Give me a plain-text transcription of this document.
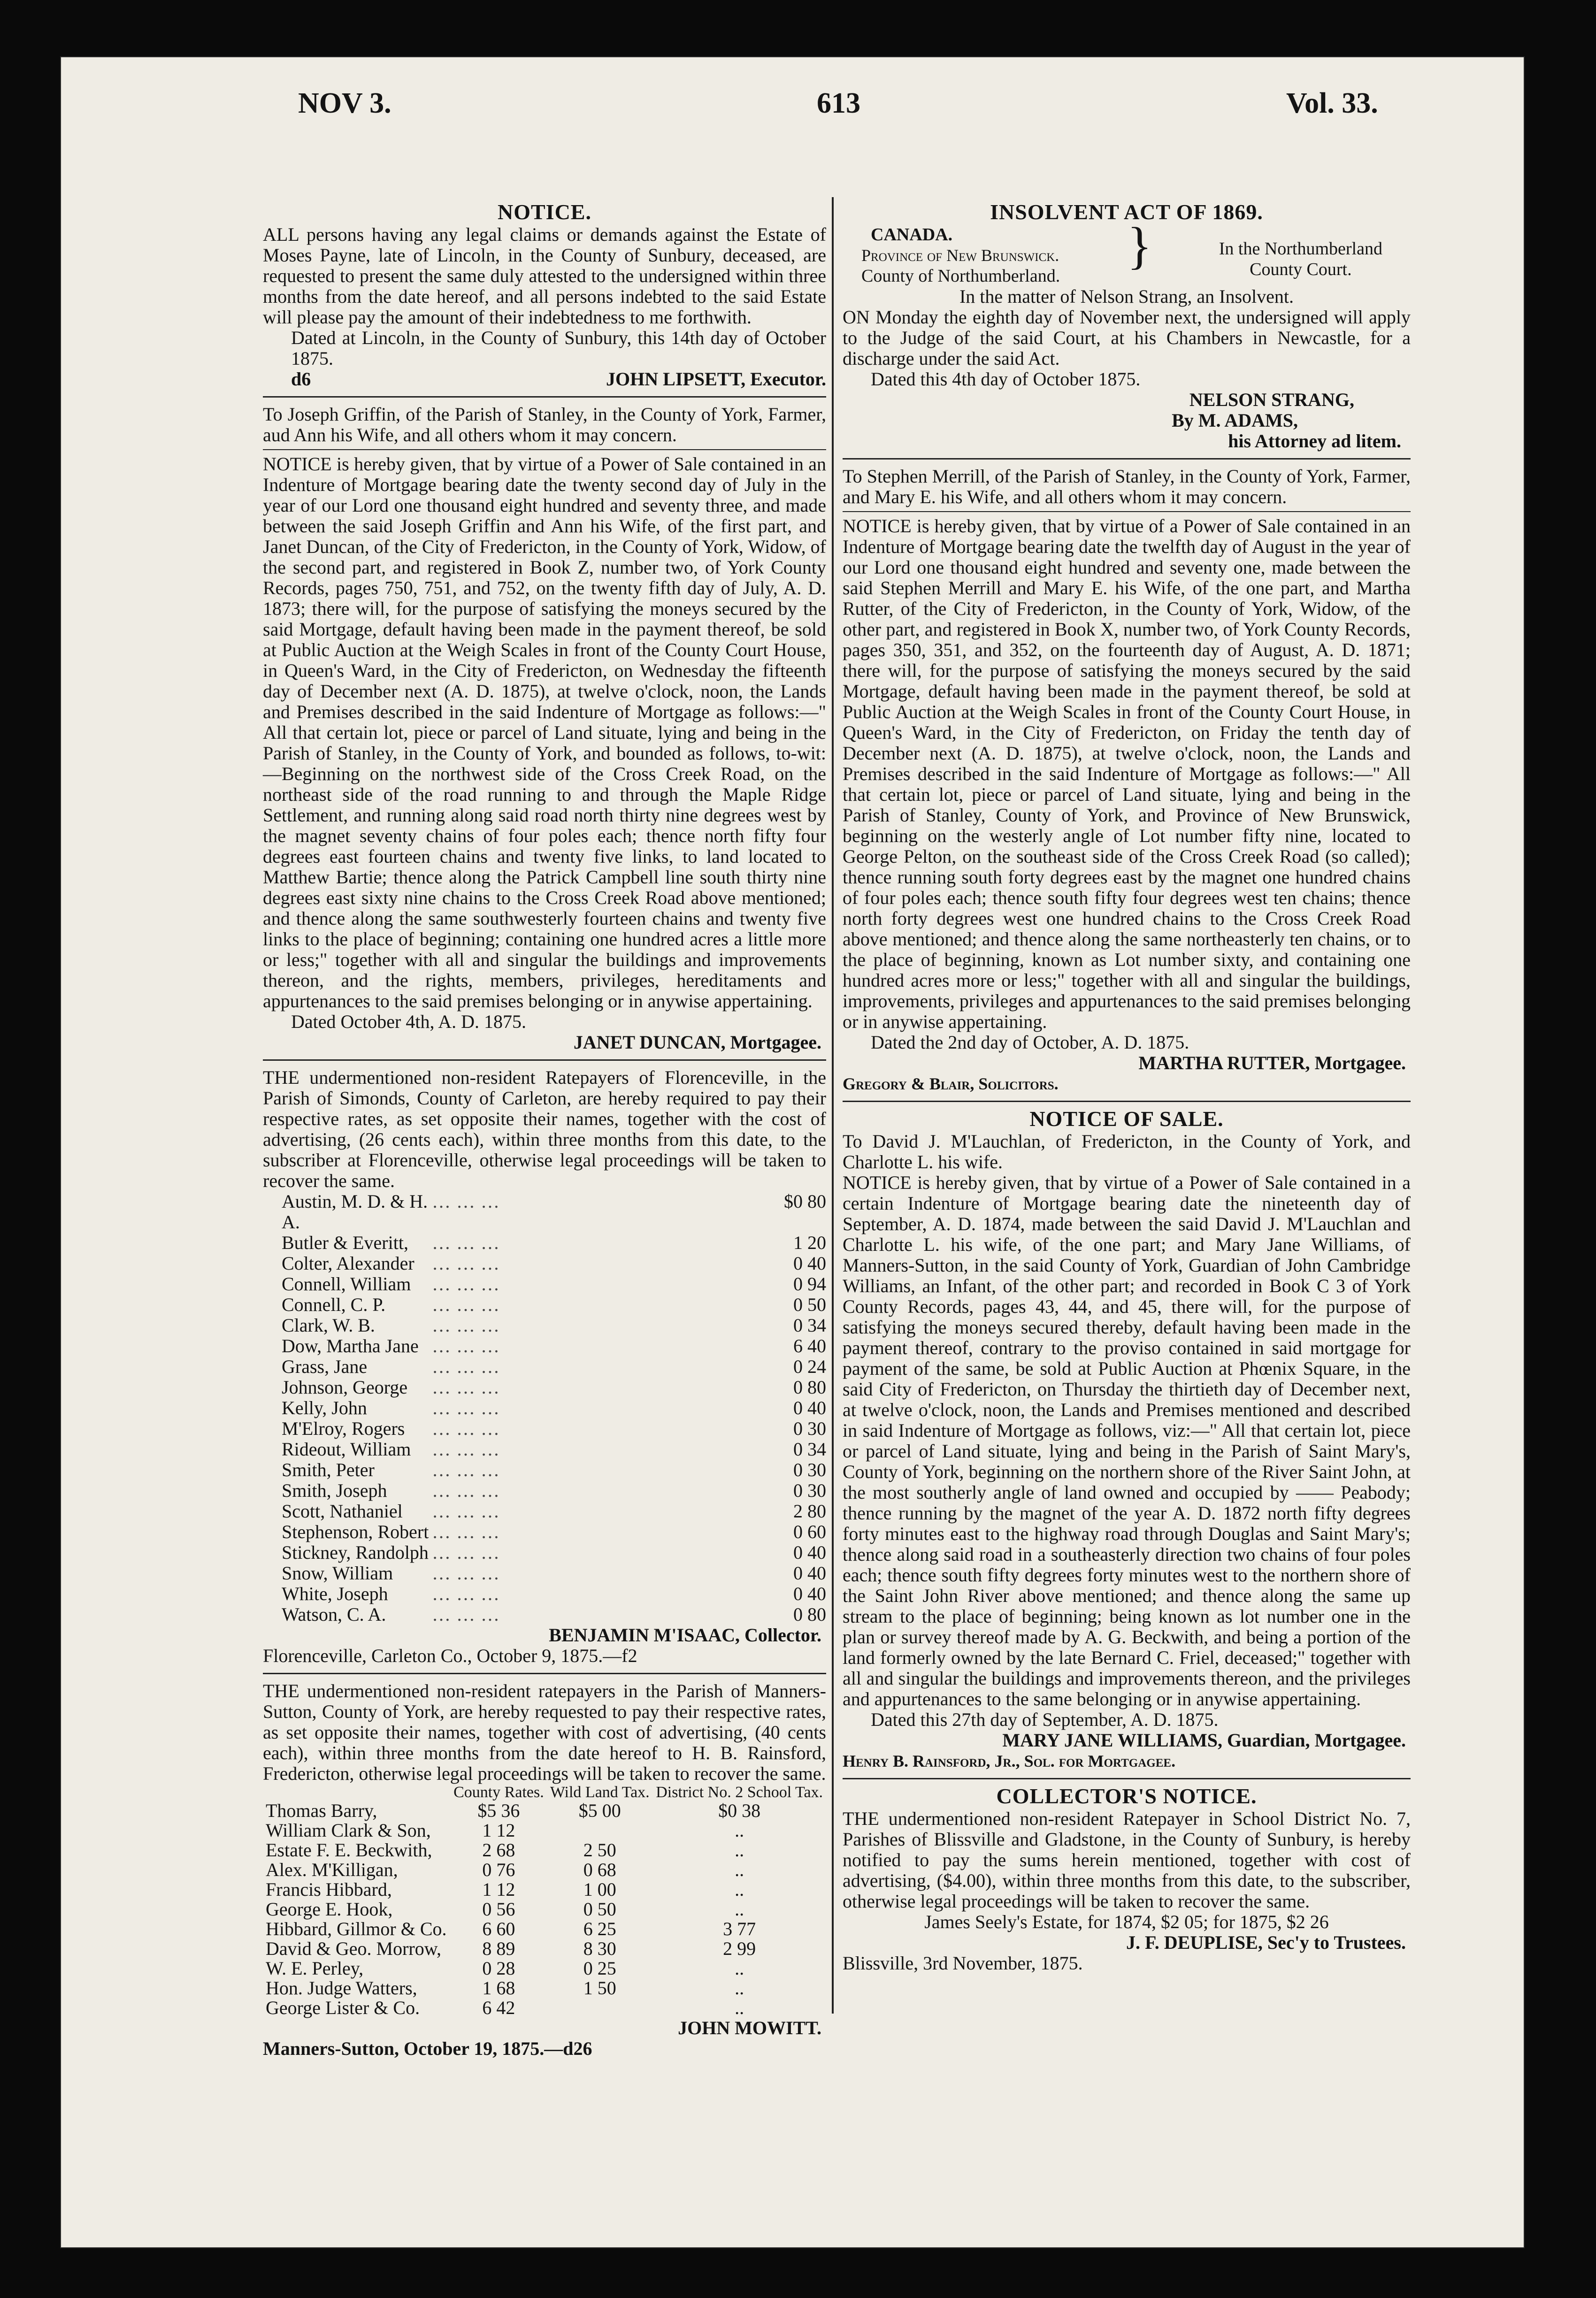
NOV 3.	613	Vol. 33.
NOTICE.

ALL persons having any legal claims or demands against the Estate of Moses Payne, late of Lincoln, in the County of Sunbury, deceased, are requested to present the same duly attested to the undersigned within three months from the date hereof, and all persons indebted to the said Estate will please pay the amount of their indebtedness to me forthwith.

Dated at Lincoln, in the County of Sunbury, this 14th day of October 1875.

d6	JOHN LIPSETT, Executor.

To Joseph Griffin, of the Parish of Stanley, in the County of York, Farmer, aud Ann his Wife, and all others whom it may concern.

NOTICE is hereby given, that by virtue of a Power of Sale contained in an Indenture of Mortgage bearing date the twenty second day of July in the year of our Lord one thousand eight hundred and seventy three, and made between the said Joseph Griffin and Ann his Wife, of the first part, and Janet Duncan, of the City of Fredericton, in the County of York, Widow, of the second part, and registered in Book Z, number two, of York County Records, pages 750, 751, and 752, on the twenty fifth day of July, A. D. 1873; there will, for the purpose of satisfying the moneys secured by the said Mortgage, default having been made in the payment thereof, be sold at Public Auction at the Weigh Scales in front of the County Court House, in Queen's Ward, in the City of Fredericton, on Wednesday the fifteenth day of December next (A. D. 1875), at twelve o'clock, noon, the Lands and Premises described in the said Indenture of Mortgage as follows:—" All that certain lot, piece or parcel of Land situate, lying and being in the Parish of Stanley, in the County of York, and bounded as follows, to-wit:—Beginning on the northwest side of the Cross Creek Road, on the northeast side of the road running to and through the Maple Ridge Settlement, and running along said road north thirty nine degrees west by the magnet seventy chains of four poles each; thence north fifty four degrees east fourteen chains and twenty five links, to land located to Matthew Bartie; thence along the Patrick Campbell line south thirty nine degrees east sixty nine chains to the Cross Creek Road above mentioned; and thence along the same southwesterly fourteen chains and twenty five links to the place of beginning; containing one hundred acres a little more or less;" together with all and singular the buildings and improvements thereon, and the rights, members, privileges, hereditaments and appurtenances to the said premises belonging or in anywise appertaining.

Dated October 4th, A. D. 1875.

JANET DUNCAN, Mortgagee.

THE undermentioned non-resident Ratepayers of Florenceville, in the Parish of Simonds, County of Carleton, are hereby required to pay their respective rates, as set opposite their names, together with the cost of advertising, (26 cents each), within three months from this date, to the subscriber at Florenceville, otherwise legal proceedings will be taken to recover the same.

Austin, M. D. & H. A.
………	$0 80
Butler & Everitt,	………	1 20
Colter, Alexander ………	0 40
Connell, William	………	0 94
Connell, C. P.	………	0 50
Clark, W. B.	………	0 34
Dow, Martha Jane ………	6 40
Grass, Jane	………	0 24
Johnson, George	………	0 80
Kelly, John	………	0 40
M'Elroy, Rogers	………	0 30
Rideout, William	………	0 34
Smith, Peter	………	0 30
Smith, Joseph	………	0 30
Scott, Nathaniel	………	2 80
Stephenson, Robert ………	0 60
Stickney, Randolph ………	0 40
Snow, William	………	0 40
White, Joseph	………	0 40
Watson, C. A.	………	0 80

BENJAMIN M'ISAAC, Collector.

Florenceville, Carleton Co., October 9, 1875.—f2

THE undermentioned non-resident ratepayers in the Parish of Manners-Sutton, County of York, are hereby requested to pay their respective rates, as set opposite their names, together with cost of advertising, (40 cents each), within three months from the date hereof to H. B. Rainsford, Fredericton, otherwise legal proceedings will be taken to recover the same.

	County Rates.	Wild Land Tax.	District No. 2 School Tax.
Thomas Barry,	$5 36	$5 00	$0 38
William Clark & Son,	1 12		..
Estate F. E. Beckwith,	2 68	2 50	..
Alex. M'Killigan,	0 76	0 68	..
Francis Hibbard,	1 12	1 00	..
George E. Hook,	0 56	0 50	..
Hibbard, Gillmor & Co.	6 60	6 25	3 77
David & Geo. Morrow,	8 89	8 30	2 99
W. E. Perley,	0 28	0 25	..
Hon. Judge Watters,	1 68	1 50	..
George Lister & Co.	6 42		..

JOHN MOWITT.

Manners-Sutton, October 19, 1875.—d26

INSOLVENT ACT OF 1869.
CANADA.
Province of New Brunswick.
County of Northumberland.
}	In the Northumberland
County Court.

In the matter of Nelson Strang, an Insolvent.

ON Monday the eighth day of November next, the undersigned will apply to the Judge of the said Court, at his Chambers in Newcastle, for a discharge under the said Act.

Dated this 4th day of October 1875.

NELSON STRANG,

By M. ADAMS,

his Attorney ad litem.

To Stephen Merrill, of the Parish of Stanley, in the County of York, Farmer, and Mary E. his Wife, and all others whom it may concern.

NOTICE is hereby given, that by virtue of a Power of Sale contained in an Indenture of Mortgage bearing date the twelfth day of August in the year of our Lord one thousand eight hundred and seventy one, made between the said Stephen Merrill and Mary E. his Wife, of the one part, and Martha Rutter, of the City of Fredericton, in the County of York, Widow, of the other part, and registered in Book X, number two, of York County Records, pages 350, 351, and 352, on the fourteenth day of August, A. D. 1871; there will, for the purpose of satisfying the moneys secured by the said Mortgage, default having been made in the payment thereof, be sold at Public Auction at the Weigh Scales in front of the County Court House, in Queen's Ward, in the City of Fredericton, on Friday the tenth day of December next (A. D. 1875), at twelve o'clock, noon, the Lands and Premises described in the said Indenture of Mortgage as follows:—" All that certain lot, piece or parcel of Land situate, lying and being in the Parish of Stanley, County of York, and Province of New Brunswick, beginning on the westerly angle of Lot number fifty nine, located to George Pelton, on the southeast side of the Cross Creek Road (so called); thence running south forty degrees east by the magnet one hundred chains of four poles each; thence south fifty four degrees west ten chains; thence north forty degrees west one hundred chains to the Cross Creek Road above mentioned; and thence along the same northeasterly ten chains, or to the place of beginning, known as Lot number sixty, and containing one hundred acres more or less;" together with all and singular the buildings, improvements, privileges and appurtenances to the said premises belonging or in anywise appertaining.

Dated the 2nd day of October, A. D. 1875.

MARTHA RUTTER, Mortgagee.

Gregory & Blair, Solicitors.

NOTICE OF SALE.

To David J. M'Lauchlan, of Fredericton, in the County of York, and Charlotte L. his wife.

NOTICE is hereby given, that by virtue of a Power of Sale contained in a certain Indenture of Mortgage bearing date the nineteenth day of September, A. D. 1874, made between the said David J. M'Lauchlan and Charlotte L. his wife, of the one part; and Mary Jane Williams, of Manners-Sutton, in the said County of York, Guardian of John Cambridge Williams, an Infant, of the other part; and recorded in Book C 3 of York County Records, pages 43, 44, and 45, there will, for the purpose of satisfying the moneys secured thereby, default having been made in the payment thereof, contrary to the proviso contained in said mortgage for payment of the same, be sold at Public Auction at Phœnix Square, in the said City of Fredericton, on Thursday the thirtieth day of December next, at twelve o'clock, noon, the Lands and Premises mentioned and described in said Indenture of Mortgage as follows, viz:—" All that certain lot, piece or parcel of Land situate, lying and being in the Parish of Saint Mary's, County of York, beginning on the northern shore of the River Saint John, at the most southerly angle of land owned and occupied by —— Peabody; thence running by the magnet of the year A. D. 1872 north fifty degrees forty minutes east to the highway road through Douglas and Saint Mary's; thence along said road in a southeasterly direction two chains of four poles each; thence south fifty degrees forty minutes west to the northern shore of the Saint John River above mentioned; and thence along the same up stream to the place of beginning; being known as lot number one in the plan or survey thereof made by A. G. Beckwith, and being a portion of the land formerly owned by the late Bernard C. Friel, deceased;" together with all and singular the buildings and improvements thereon, and the privileges and appurtenances to the same belonging or in anywise appertaining.

Dated this 27th day of September, A. D. 1875.

MARY JANE WILLIAMS, Guardian, Mortgagee.

Henry B. Rainsford, Jr., Sol. for Mortgagee.

COLLECTOR'S NOTICE.

THE undermentioned non-resident Ratepayer in School District No. 7, Parishes of Blissville and Gladstone, in the County of Sunbury, is hereby notified to pay the sums herein mentioned, together with cost of advertising, ($4.00), within three months from this date, to the subscriber, otherwise legal proceedings will be taken to recover the same.

James Seely's Estate, for 1874, $2 05; for 1875, $2 26

J. F. DEUPLISE, Sec'y to Trustees.

Blissville, 3rd November, 1875.
